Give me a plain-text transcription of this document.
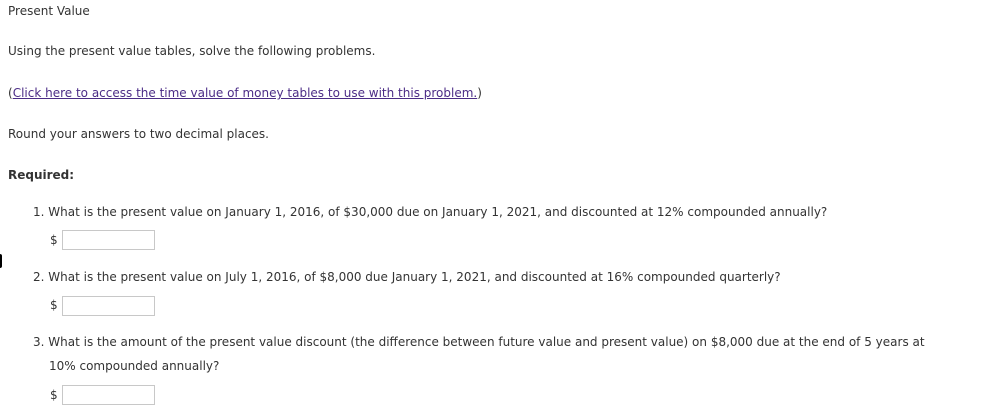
Present Value
Using the present value tables, solve the following problems.
(Click here to access the time value of money tables to use with this problem.)
Round your answers to two decimal places.
Required:
1. What is the present value on January 1, 2016, of $30,000 due on January 1, 2021, and discounted at 12% compounded annually?
$
2. What is the present value on July 1, 2016, of $8,000 due January 1, 2021, and discounted at 16% compounded quarterly?
$
3. What is the amount of the present value discount (the difference between future value and present value) on $8,000 due at the end of 5 years at
10% compounded annually?
$
